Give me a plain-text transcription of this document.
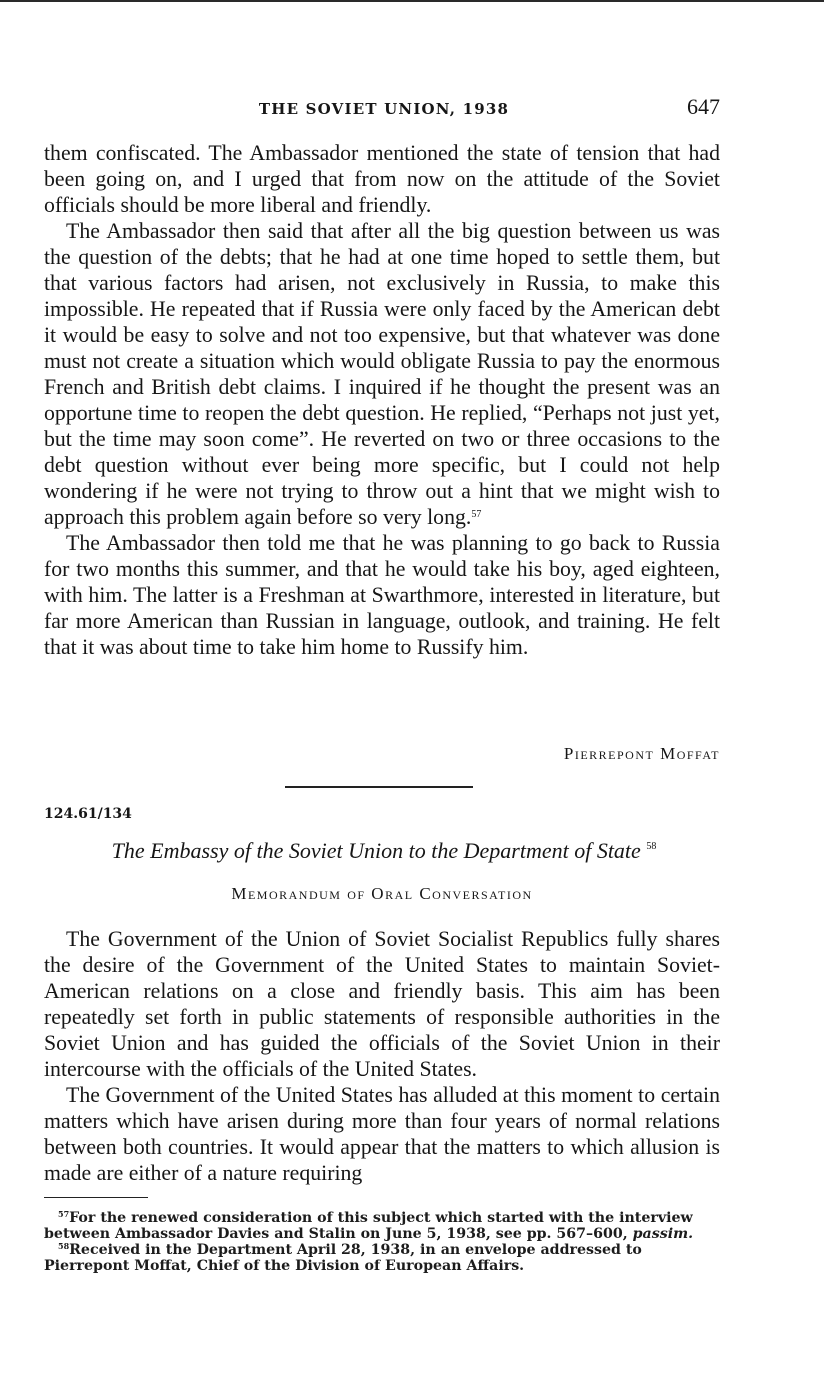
THE SOVIET UNION, 1938	647

them confiscated. The Ambassador mentioned the state of tension that had been going on, and I urged that from now on the attitude of the Soviet officials should be more liberal and friendly.

The Ambassador then said that after all the big question between us was the question of the debts; that he had at one time hoped to settle them, but that various factors had arisen, not exclusively in Russia, to make this impossible. He repeated that if Russia were only faced by the American debt it would be easy to solve and not too expensive, but that whatever was done must not create a situation which would obligate Russia to pay the enormous French and British debt claims. I inquired if he thought the present was an opportune time to reopen the debt question. He replied, “Perhaps not just yet, but the time may soon come”. He reverted on two or three occasions to the debt question without ever being more specific, but I could not help wondering if he were not trying to throw out a hint that we might wish to approach this problem again before so very long.$^{57}$

The Ambassador then told me that he was planning to go back to Russia for two months this summer, and that he would take his boy, aged eighteen, with him. The latter is a Freshman at Swarthmore, interested in literature, but far more American than Russian in language, outlook, and training. He felt that it was about time to take him home to Russify him.

Pierrepont Moffat
124.61/134
The Embassy of the Soviet Union to the Department of State $^{58}$
Memorandum of Oral Conversation

The Government of the Union of Soviet Socialist Republics fully shares the desire of the Government of the United States to maintain Soviet-American relations on a close and friendly basis. This aim has been repeatedly set forth in public statements of responsible authorities in the Soviet Union and has guided the officials of the Soviet Union in their intercourse with the officials of the United States.

The Government of the United States has alluded at this moment to certain matters which have arisen during more than four years of normal relations between both countries. It would appear that the matters to which allusion is made are either of a nature requiring

$^{57}$For the renewed consideration of this subject which started with the interview between Ambassador Davies and Stalin on June 5, 1938, see pp. 567–600, passim.

$^{58}$Received in the Department April 28, 1938, in an envelope addressed to Pierrepont Moffat, Chief of the Division of European Affairs.
